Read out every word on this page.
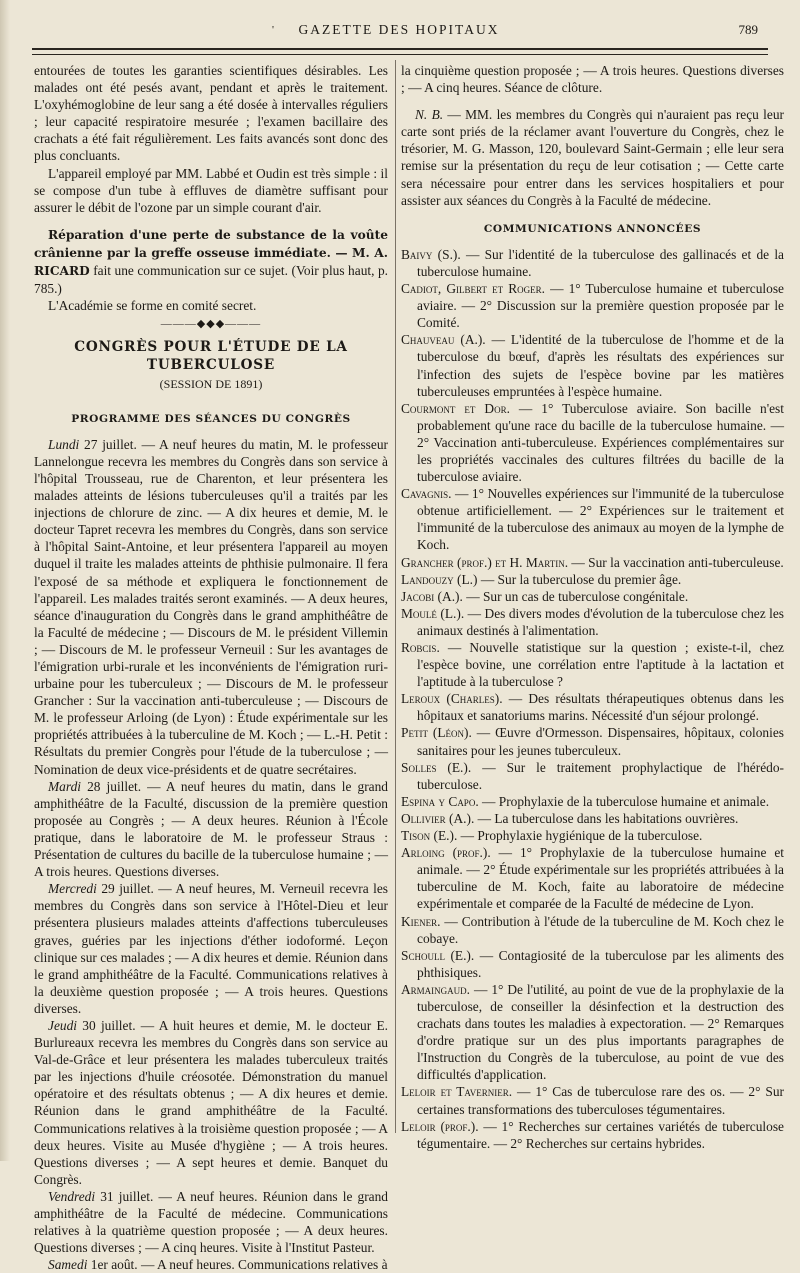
'	GAZETTE DES HOPITAUX	789

entourées de toutes les garanties scientifiques désirables. Les malades ont été pesés avant, pendant et après le traitement. L'oxyhémoglobine de leur sang a été dosée à intervalles réguliers ; leur capacité respiratoire mesurée ; l'examen bacillaire des crachats a été fait régulièrement. Les faits avancés sont donc des plus concluants.

L'appareil employé par MM. Labbé et Oudin est très simple : il se compose d'un tube à effluves de diamètre suffisant pour assurer le débit de l'ozone par un simple courant d'air.

Réparation d'une perte de substance de la voûte crânienne par la greffe osseuse immédiate. — M. A. RICARD fait une communication sur ce sujet. (Voir plus haut, p. 785.)

L'Académie se forme en comité secret.

———◆◆◆———
CONGRÈS POUR L'ÉTUDE DE LA TUBERCULOSE
(SESSION DE 1891)
PROGRAMME DES SÉANCES DU CONGRÈS

Lundi 27 juillet. — A neuf heures du matin, M. le professeur Lannelongue recevra les membres du Congrès dans son service à l'hôpital Trousseau, rue de Charenton, et leur présentera les malades atteints de lésions tuberculeuses qu'il a traités par les injections de chlorure de zinc. — A dix heures et demie, M. le docteur Tapret recevra les membres du Congrès, dans son service à l'hôpital Saint-Antoine, et leur présentera l'appareil au moyen duquel il traite les malades atteints de phthisie pulmonaire. Il fera l'exposé de sa méthode et expliquera le fonctionnement de l'appareil. Les malades traités seront examinés. — A deux heures, séance d'inauguration du Congrès dans le grand amphithéâtre de la Faculté de médecine ; — Discours de M. le président Villemin ; — Discours de M. le professeur Verneuil : Sur les avantages de l'émigration urbi-rurale et les inconvénients de l'émigration ruri-urbaine pour les tuberculeux ; — Discours de M. le professeur Grancher : Sur la vaccination anti-tuberculeuse ; — Discours de M. le professeur Arloing (de Lyon) : Étude expérimentale sur les propriétés attribuées à la tuberculine de M. Koch ; — L.-H. Petit : Résultats du premier Congrès pour l'étude de la tuberculose ; — Nomination de deux vice-présidents et de quatre secrétaires.

Mardi 28 juillet. — A neuf heures du matin, dans le grand amphithéâtre de la Faculté, discussion de la première question proposée au Congrès ; — A deux heures. Réunion à l'École pratique, dans le laboratoire de M. le professeur Straus : Présentation de cultures du bacille de la tuberculose humaine ; — A trois heures. Questions diverses.

Mercredi 29 juillet. — A neuf heures, M. Verneuil recevra les membres du Congrès dans son service à l'Hôtel-Dieu et leur présentera plusieurs malades atteints d'affections tuberculeuses graves, guéries par les injections d'éther iodoformé. Leçon clinique sur ces malades ; — A dix heures et demie. Réunion dans le grand amphithéâtre de la Faculté. Communications relatives à la deuxième question proposée ; — A trois heures. Questions diverses.

Jeudi 30 juillet. — A huit heures et demie, M. le docteur E. Burlureaux recevra les membres du Congrès dans son service au Val-de-Grâce et leur présentera les malades tuberculeux traités par les injections d'huile créosotée. Démonstration du manuel opératoire et des résultats obtenus ; — A dix heures et demie. Réunion dans le grand amphithéâtre de la Faculté. Communications relatives à la troisième question proposée ; — A deux heures. Visite au Musée d'hygiène ; — A trois heures. Questions diverses ; — A sept heures et demie. Banquet du Congrès.

Vendredi 31 juillet. — A neuf heures. Réunion dans le grand amphithéâtre de la Faculté de médecine. Communications relatives à la quatrième question proposée ; — A deux heures. Questions diverses ; — A cinq heures. Visite à l'Institut Pasteur.

Samedi 1er août. — A neuf heures. Communications relatives à

la cinquième question proposée ; — A trois heures. Questions diverses ; — A cinq heures. Séance de clôture.

N. B. — MM. les membres du Congrès qui n'auraient pas reçu leur carte sont priés de la réclamer avant l'ouverture du Congrès, chez le trésorier, M. G. Masson, 120, boulevard Saint-Germain ; elle leur sera remise sur la présentation du reçu de leur cotisation ; — Cette carte sera nécessaire pour entrer dans les services hospitaliers et pour assister aux séances du Congrès à la Faculté de médecine.

COMMUNICATIONS ANNONCÉES

Baivy (S.). — Sur l'identité de la tuberculose des gallinacés et de la tuberculose humaine.

Cadiot, Gilbert et Roger. — 1° Tuberculose humaine et tuberculose aviaire. — 2° Discussion sur la première question proposée par le Comité.

Chauveau (A.). — L'identité de la tuberculose de l'homme et de la tuberculose du bœuf, d'après les résultats des expériences sur l'infection des sujets de l'espèce bovine par les matières tuberculeuses empruntées à l'espèce humaine.

Courmont et Dor. — 1° Tuberculose aviaire. Son bacille n'est probablement qu'une race du bacille de la tuberculose humaine. — 2° Vaccination anti-tuberculeuse. Expériences complémentaires sur les propriétés vaccinales des cultures filtrées du bacille de la tuberculose aviaire.

Cavagnis. — 1° Nouvelles expériences sur l'immunité de la tuberculose obtenue artificiellement. — 2° Expériences sur le traitement et l'immunité de la tuberculose des animaux au moyen de la lymphe de Koch.

Grancher (prof.) et H. Martin. — Sur la vaccination anti-tuberculeuse.

Landouzy (L.) — Sur la tuberculose du premier âge.

Jacobi (A.). — Sur un cas de tuberculose congénitale.

Moulé (L.). — Des divers modes d'évolution de la tuberculose chez les animaux destinés à l'alimentation.

Robcis. — Nouvelle statistique sur la question ; existe-t-il, chez l'espèce bovine, une corrélation entre l'aptitude à la lactation et l'aptitude à la tuberculose ?

Leroux (Charles). — Des résultats thérapeutiques obtenus dans les hôpitaux et sanatoriums marins. Nécessité d'un séjour prolongé.

Petit (Léon). — Œuvre d'Ormesson. Dispensaires, hôpitaux, colonies sanitaires pour les jeunes tuberculeux.

Solles (E.). — Sur le traitement prophylactique de l'hérédo-tuberculose.

Espina y Capo. — Prophylaxie de la tuberculose humaine et animale.

Ollivier (A.). — La tuberculose dans les habitations ouvrières.

Tison (E.). — Prophylaxie hygiénique de la tuberculose.

Arloing (prof.). — 1° Prophylaxie de la tuberculose humaine et animale. — 2° Étude expérimentale sur les propriétés attribuées à la tuberculine de M. Koch, faite au laboratoire de médecine expérimentale et comparée de la Faculté de médecine de Lyon.

Kiener. — Contribution à l'étude de la tuberculine de M. Koch chez le cobaye.

Schoull (E.). — Contagiosité de la tuberculose par les aliments des phthisiques.

Armaingaud. — 1° De l'utilité, au point de vue de la prophylaxie de la tuberculose, de conseiller la désinfection et la destruction des crachats dans toutes les maladies à expectoration. — 2° Remarques d'ordre pratique sur un des plus importants paragraphes de l'Instruction du Congrès de la tuberculose, au point de vue des difficultés d'application.

Leloir et Tavernier. — 1° Cas de tuberculose rare des os. — 2° Sur certaines transformations des tuberculoses tégumentaires.

Leloir (prof.). — 1° Recherches sur certaines variétés de tuberculose tégumentaire. — 2° Recherches sur certains hybrides.
